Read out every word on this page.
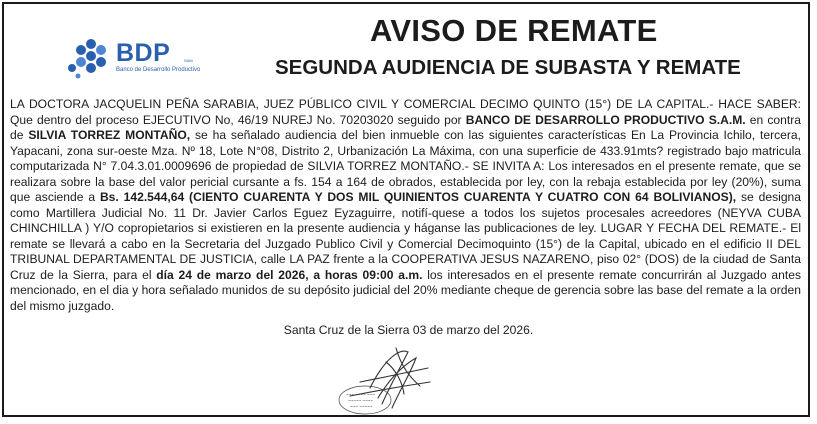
BDP	SAM
Banco de Desarrollo Productivo
AVISO DE REMATE
SEGUNDA AUDIENCIA DE SUBASTA Y REMATE
LA DOCTORA JACQUELIN PEÑA SARABIA, JUEZ PÚBLICO CIVIL Y COMERCIAL DECIMO QUINTO (15°) DE LA CAPITAL.- HACE SABER: Que dentro del proceso EJECUTIVO No, 46/19 NUREJ No. 70203020 seguido por BANCO DE DESARROLLO PRODUCTIVO S.A.M. en contra de SILVIA TORREZ MONTAÑO, se ha señalado audiencia del bien inmueble con las siguientes características En La Provincia Ichilo, tercera, Yapacani, zona sur-oeste Mza. Nº 18, Lote N°08, Distrito 2, Urbanización La Máxima, con una superficie de 433.91mts? registrado bajo matricula computarizada N° 7.04.3.01.0009696 de propiedad de SILVIA TORREZ MONTAÑO.- SE INVITA A: Los interesados en el presente remate, que se realizara sobre la base del valor pericial cursante a fs. 154 a 164 de obrados, establecida por ley, con la rebaja establecida por ley (20%), suma que asciende a Bs. 142.544,64 (CIENTO CUARENTA Y DOS MIL QUINIENTOS CUARENTA Y CUATRO CON 64 BOLIVIANOS), se designa como Martillera Judicial No. 11 Dr. Javier Carlos Eguez Eyzaguirre, notifí-quese a todos los sujetos procesales acreedores (NEYVA CUBA CHINCHILLA ) Y/O copropietarios si existieren en la presente audiencia y háganse las publicaciones de ley. LUGAR Y FECHA DEL REMATE.- El remate se llevará a cabo en la Secretaria del Juzgado Publico Civil y Comercial Decimoquinto (15°) de la Capital, ubicado en el edificio II DEL TRIBUNAL DEPARTAMENTAL DE JUSTICIA, calle LA PAZ frente a la COOPERATIVA JESUS NAZARENO, piso 02° (DOS) de la ciudad de Santa Cruz de la Sierra, para el día 24 de marzo del 2026, a horas 09:00 a.m. los interesados en el presente remate concurrirán al Juzgado antes mencionado, en el dia y hora señalado munidos de su depósito judicial del 20% mediante cheque de gerencia sobre las base del remate a la orden del mismo juzgado.
Santa Cruz de la Sierra 03 de marzo del 2026.
~~~ ~~~~ ~~~
~~~~~ ~~~~
~~~ ~~~~~
